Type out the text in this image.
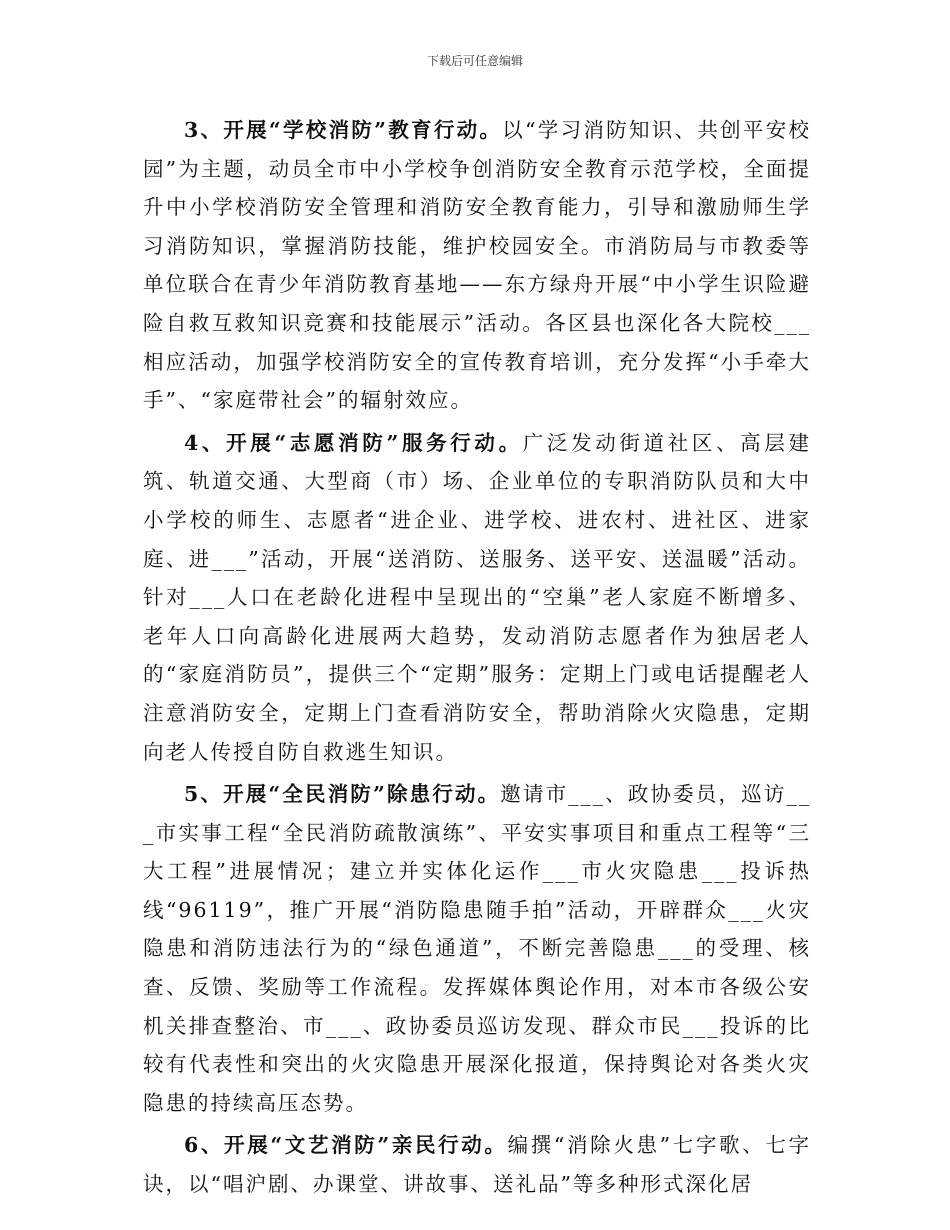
下载后可任意编辑

3、开展“学校消防”教育行动。以“学习消防知识、共创平安校园”为主题，动员全市中小学校争创消防安全教育示范学校，全面提升中小学校消防安全管理和消防安全教育能力，引导和激励师生学习消防知识，掌握消防技能，维护校园安全。市消防局与市教委等单位联合在青少年消防教育基地——东方绿舟开展“中小学生识险避险自救互救知识竞赛和技能展示”活动。各区县也深化各大院校___相应活动，加强学校消防安全的宣传教育培训，充分发挥“小手牵大手”、“家庭带社会”的辐射效应。

4、开展“志愿消防”服务行动。广泛发动街道社区、高层建筑、轨道交通、大型商（市）场、企业单位的专职消防队员和大中小学校的师生、志愿者“进企业、进学校、进农村、进社区、进家庭、进___”活动，开展“送消防、送服务、送平安、送温暖”活动。针对___人口在老龄化进程中呈现出的“空巢”老人家庭不断增多、老年人口向高龄化进展两大趋势，发动消防志愿者作为独居老人的“家庭消防员”，提供三个“定期”服务：定期上门或电话提醒老人注意消防安全，定期上门查看消防安全，帮助消除火灾隐患，定期向老人传授自防自救逃生知识。

5、开展“全民消防”除患行动。邀请市___、政协委员，巡访___市实事工程“全民消防疏散演练”、平安实事项目和重点工程等“三大工程”进展情况；建立并实体化运作___市火灾隐患___投诉热线“96119”，推广开展“消防隐患随手拍”活动，开辟群众___火灾隐患和消防违法行为的“绿色通道”，不断完善隐患___的受理、核查、反馈、奖励等工作流程。发挥媒体舆论作用，对本市各级公安机关排查整治、市___、政协委员巡访发现、群众市民___投诉的比较有代表性和突出的火灾隐患开展深化报道，保持舆论对各类火灾隐患的持续高压态势。

6、开展“文艺消防”亲民行动。编撰“消除火患”七字歌、七字诀，以“唱沪剧、办课堂、讲故事、送礼品”等多种形式深化居
